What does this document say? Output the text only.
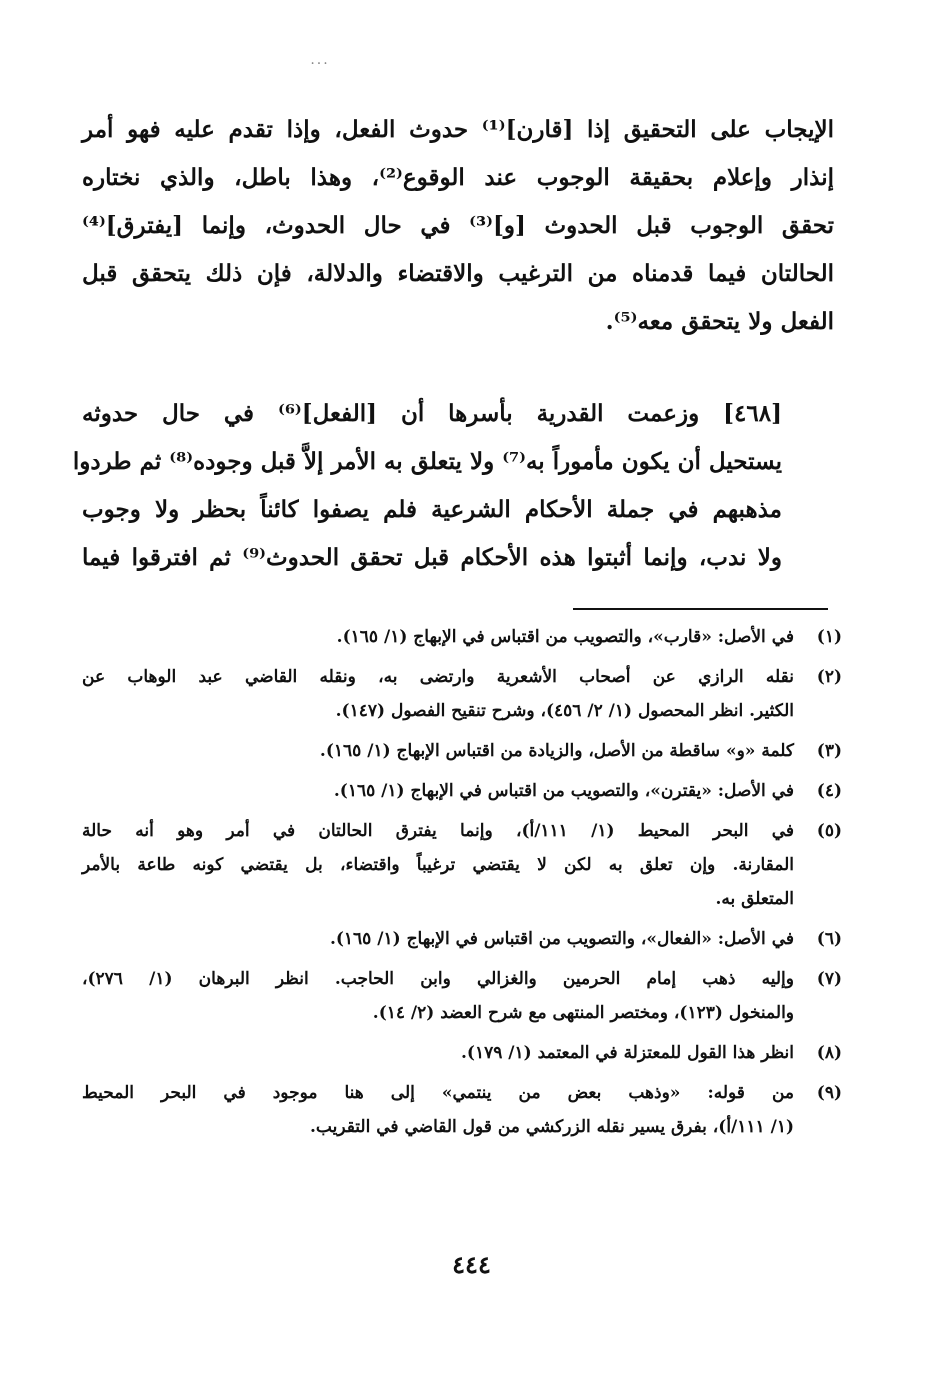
...
الإيجاب على التحقيق إذا [قارن]⁽¹⁾ حدوث الفعل، وإذا تقدم عليه فهو أمر
إنذار وإعلام بحقيقة الوجوب عند الوقوع⁽²⁾، وهذا باطل، والذي نختاره
تحقق الوجوب قبل الحدوث [و]⁽³⁾ في حال الحدوث، وإنما [يفترق]⁽⁴⁾
الحالتان فيما قدمناه من الترغيب والاقتضاء والدلالة، فإن ذلك يتحقق قبل
الفعل ولا يتحقق معه⁽⁵⁾.
[٤٦٨] وزعمت القدرية بأسرها أن [الفعل]⁽⁶⁾ في حال حدوثه
يستحيل أن يكون مأموراً به⁽⁷⁾ ولا يتعلق به الأمر إلاَّ قبل وجوده⁽⁸⁾ ثم طردوا
مذهبهم في جملة الأحكام الشرعية فلم يصفوا كائناً بحظر ولا وجوب
ولا ندب، وإنما أثبتوا هذه الأحكام قبل تحقق الحدوث⁽⁹⁾ ثم افترقوا فيما
(١)
في الأصل: «قارب»، والتصويب من اقتباس في الإبهاج (١/ ١٦٥).
(٢)
نقله الرازي عن أصحاب الأشعرية وارتضى به، ونقله القاضي عبد الوهاب عن
الكثير. انظر المحصول (١/ ٢/ ٤٥٦)، وشرح تنقيح الفصول (١٤٧).
(٣)
كلمة «و» ساقطة من الأصل، والزيادة من اقتباس الإبهاج (١/ ١٦٥).
(٤)
في الأصل: «يقترن»، والتصويب من اقتباس في الإبهاج (١/ ١٦٥).
(٥)
في البحر المحيط (١/ ١١١/أ)، وإنما يفترق الحالتان في أمر وهو أنه حالة
المقارنة. وإن تعلق به لكن لا يقتضي ترغيباً واقتضاء، بل يقتضي كونه طاعة بالأمر
المتعلق به.
(٦)
في الأصل: «الفعال»، والتصويب من اقتباس في الإبهاج (١/ ١٦٥).
(٧)
وإليه ذهب إمام الحرمين والغزالي وابن الحاجب. انظر البرهان (١/ ٢٧٦)،
والمنخول (١٢٣)، ومختصر المنتهى مع شرح العضد (٢/ ١٤).
(٨)
انظر هذا القول للمعتزلة في المعتمد (١/ ١٧٩).
(٩)
من قوله: «وذهب بعض من ينتمي» إلى هنا موجود في البحر المحيط
(١/ ١١١/أ)، بفرق يسير نقله الزركشي من قول القاضي في التقريب.
٤٤٤
